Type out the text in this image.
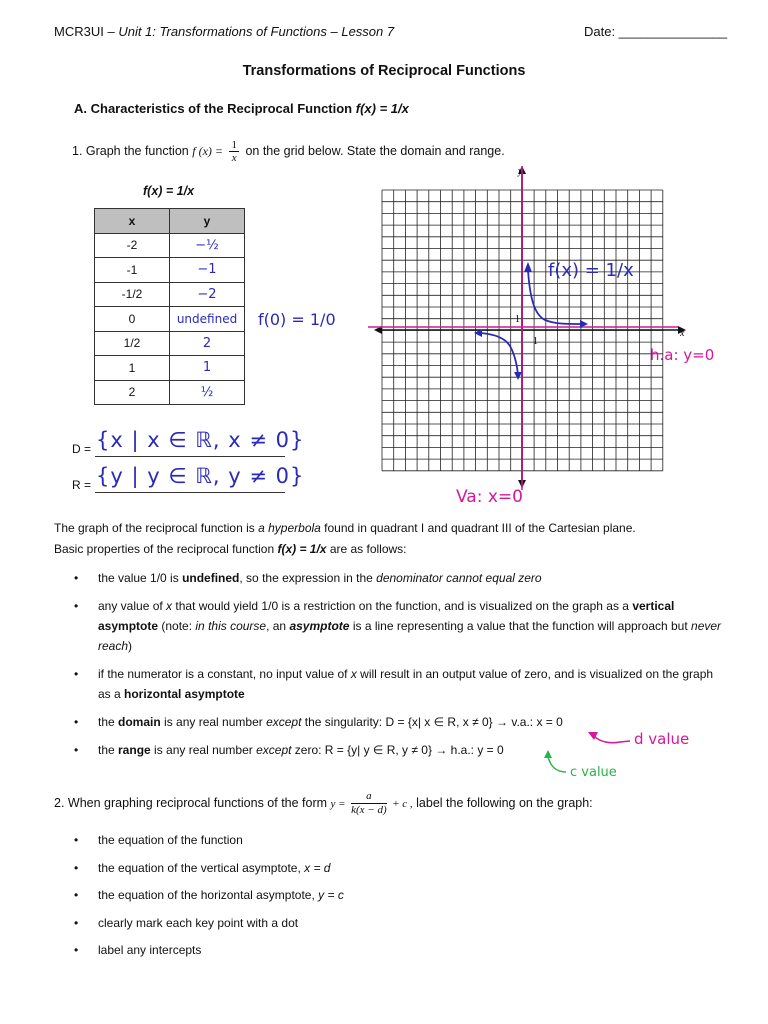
MCR3UI – Unit 1: Transformations of Functions – Lesson 7	Date: _______________
Transformations of Reciprocal Functions
A. Characteristics of the Reciprocal Function f(x) = 1/x
1. Graph the function f $(x) = \frac{1}{x}$ on the grid below. State the domain and range.
f(x) = 1/x
x	y
-2	−½
-1	−1
-1/2	−2
0	undefined
1/2	2
1	1
2	½
f(0) = 1/0
D = {x | x ∈ ℝ, x ≠ 0}
R = {y | y ∈ ℝ, y ≠ 0}
x
y
1
1
f(x) = 1/x
h.a: y=0
Va: x=0
The graph of the reciprocal function is a hyperbola found in quadrant I and quadrant III of the Cartesian plane.
Basic properties of the reciprocal function f(x) = 1/x are as follows:
• the value 1/0 is undefined, so the expression in the denominator cannot equal zero
• any value of x that would yield 1/0 is a restriction on the function, and is visualized on the graph as a vertical asymptote (note: in this course, an asymptote is a line representing a value that the function will approach but never reach)
• if the numerator is a constant, no input value of x will result in an output value of zero, and is visualized on the graph as a horizontal asymptote
• the domain is any real number except the singularity: D = {x| x ∈ R, x ≠ 0} → v.a.: x = 0
• the range is any real number except zero: R = {y| y ∈ R, y ≠ 0} → h.a.: y = 0
d value
c value
2. When graphing reciprocal functions of the form $y = \frac{a}{k(x - d)} + c$ , label the following on the graph:
• the equation of the function
• the equation of the vertical asymptote, x = d
• the equation of the horizontal asymptote, y = c
• clearly mark each key point with a dot
• label any intercepts
